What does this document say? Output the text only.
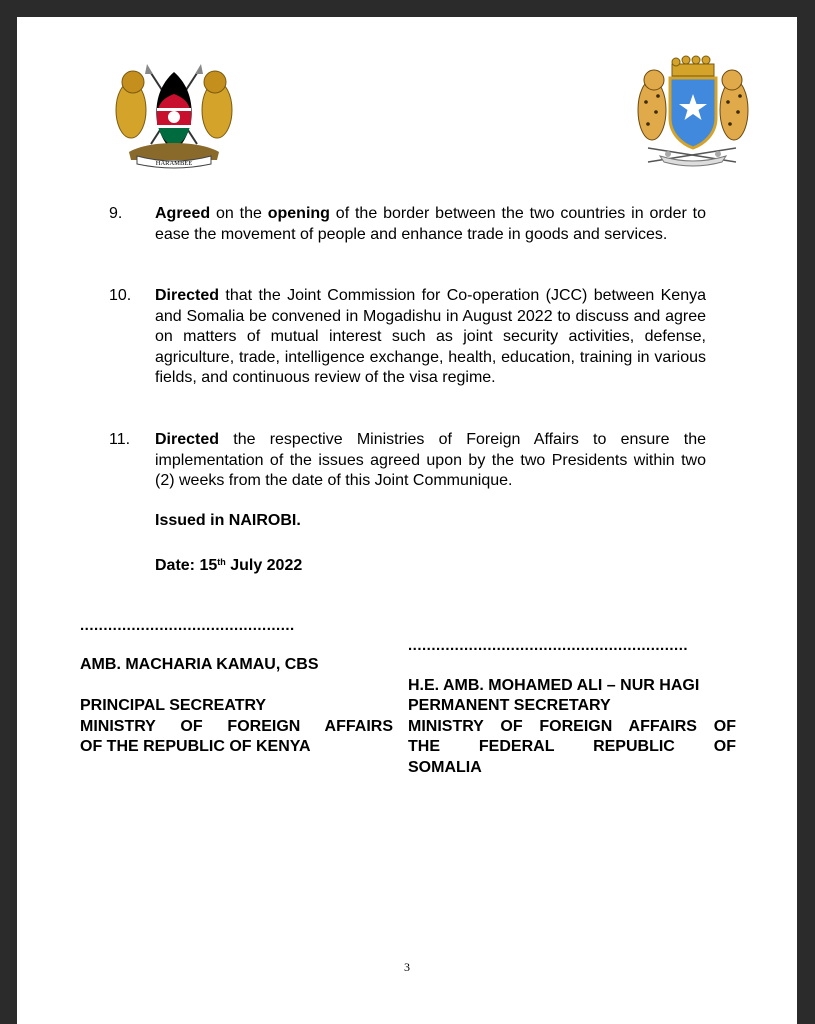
HARAMBEE
9. Agreed on the opening of the border between the two countries in order to ease the movement of people and enhance trade in goods and services.
10. Directed that the Joint Commission for Co-operation (JCC) between Kenya and Somalia be convened in Mogadishu in August 2022 to discuss and agree on matters of mutual interest such as joint security activities, defense, agriculture, trade, intelligence exchange, health, education, training in various fields, and continuous review of the visa regime.
11. Directed the respective Ministries of Foreign Affairs to ensure the implementation of the issues agreed upon by the two Presidents within two (2) weeks from the date of this Joint Communique.
Issued in NAIROBI.
Date: 15th July 2022
..............................................
AMB. MACHARIA KAMAU, CBS
PRINCIPAL SECREATRY
MINISTRY OF FOREIGN AFFAIRS
OF THE REPUBLIC OF KENYA
............................................................
H.E. AMB. MOHAMED ALI – NUR HAGI
PERMANENT SECRETARY
MINISTRY OF FOREIGN AFFAIRS OF
THE FEDERAL REPUBLIC OF
SOMALIA
3
